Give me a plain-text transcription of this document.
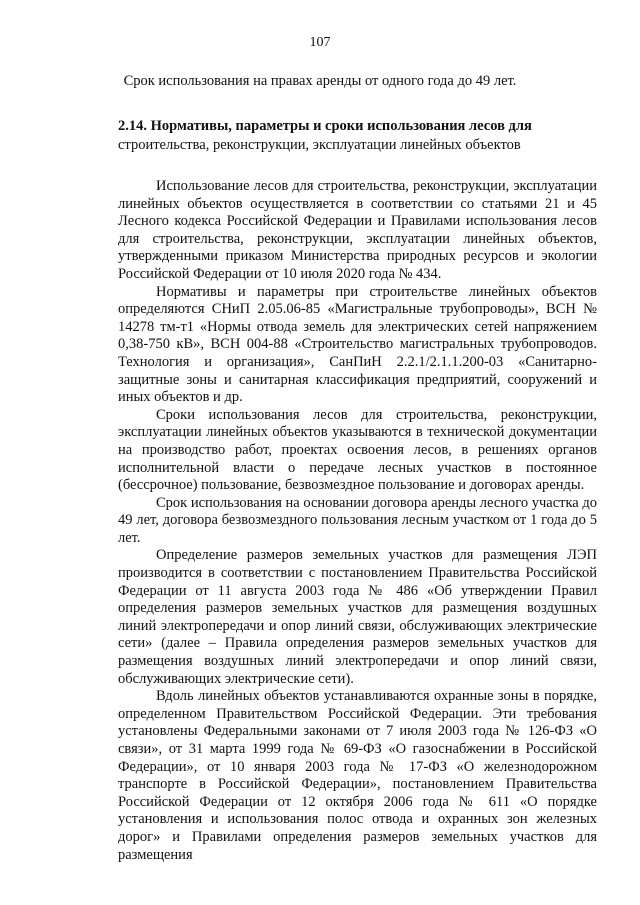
107
Срок использования на правах аренды от одного года до 49 лет.
2.14. Нормативы, параметры и сроки использования лесов для
строительства, реконструкции, эксплуатации линейных объектов

Использование лесов для строительства, реконструкции, эксплуатации линейных объектов осуществляется в соответствии со статьями 21 и 45 Лесного кодекса Российской Федерации и Правилами использования лесов для строительства, реконструкции, эксплуатации линейных объектов, утвержденными приказом Министерства природных ресурсов и экологии Российской Федерации от 10 июля 2020 года № 434.

Нормативы и параметры при строительстве линейных объектов определяются СНиП 2.05.06-85 «Магистральные трубопроводы», ВСН № 14278 тм-т1 «Нормы отвода земель для электрических сетей напряжением 0,38-750 кВ», ВСН 004-88 «Строительство магистральных трубопроводов. Технология и организация», СанПиН 2.2.1/2.1.1.200-03 «Санитарно-защитные зоны и санитарная классификация предприятий, сооружений и иных объектов и др.

Сроки использования лесов для строительства, реконструкции, эксплуатации линейных объектов указываются в технической документации на производство работ, проектах освоения лесов, в решениях органов исполнительной власти о передаче лесных участков в постоянное (бессрочное) пользование, безвозмездное пользование и договорах аренды.

Срок использования на основании договора аренды лесного участка до 49 лет, договора безвозмездного пользования лесным участком от 1 года до 5 лет.

Определение размеров земельных участков для размещения ЛЭП производится в соответствии с постановлением Правительства Российской Федерации от 11 августа 2003 года № 486 «Об утверждении Правил определения размеров земельных участков для размещения воздушных линий электропередачи и опор линий связи, обслуживающих электрические сети» (далее – Правила определения размеров земельных участков для размещения воздушных линий электропередачи и опор линий связи, обслуживающих электрические сети).

Вдоль линейных объектов устанавливаются охранные зоны в порядке, определенном Правительством Российской Федерации. Эти требования установлены Федеральными законами от 7 июля 2003 года № 126-ФЗ «О связи», от 31 марта 1999 года № 69-ФЗ «О газоснабжении в Российской Федерации», от 10 января 2003 года № 17-ФЗ «О железнодорожном транспорте в Российской Федерации», постановлением Правительства Российской Федерации от 12 октября 2006 года № 611 «О порядке установления и использования полос отвода и охранных зон железных дорог» и Правилами определения размеров земельных участков для размещения
